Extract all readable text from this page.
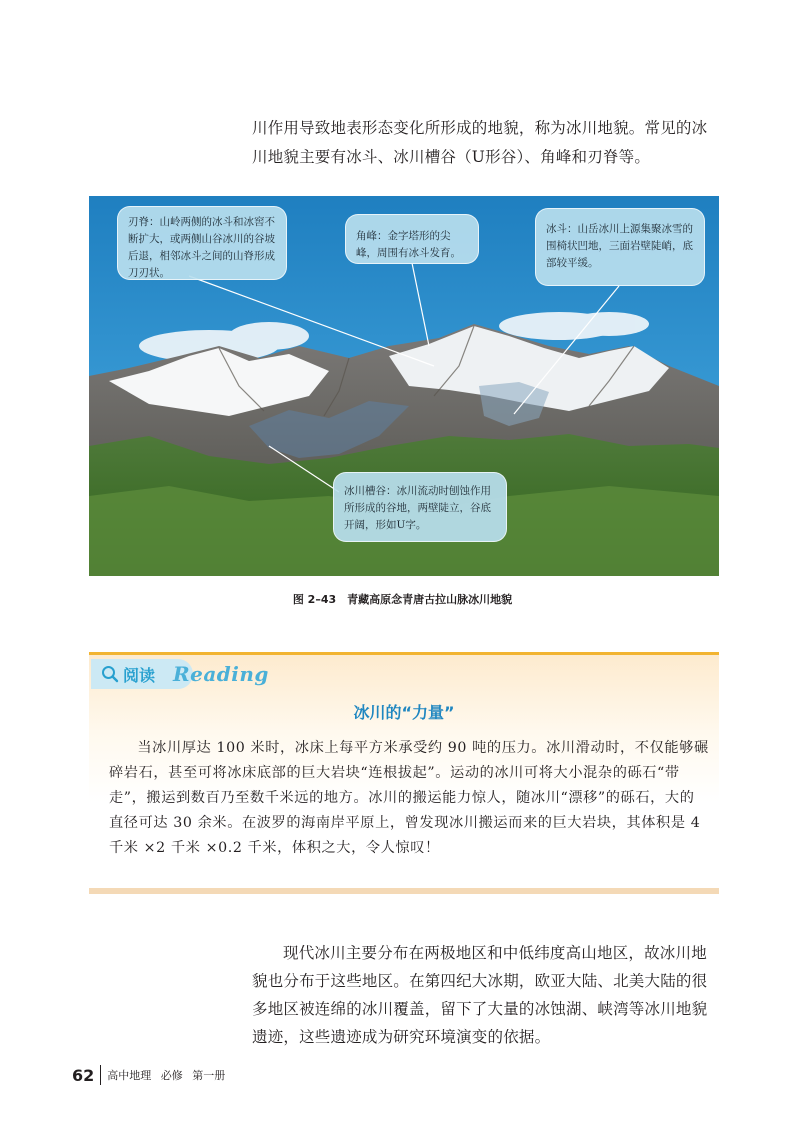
川作用导致地表形态变化所形成的地貌，称为冰川地貌。常见的冰

川地貌主要有冰斗、冰川槽谷（U形谷）、角峰和刃脊等。

刃脊：山岭两侧的冰斗和冰窖不断扩大，或两侧山谷冰川的谷坡后退，相邻冰斗之间的山脊形成刀刃状。

角峰：金字塔形的尖峰，周围有冰斗发育。

冰斗：山岳冰川上源集聚冰雪的围椅状凹地，三面岩壁陡峭，底部较平缓。

冰川槽谷：冰川流动时刨蚀作用所形成的谷地，两壁陡立，谷底开阔，形如U字。

图 2–43　青藏高原念青唐古拉山脉冰川地貌
阅读 Reading
冰川的“力量”

当冰川厚达 100 米时，冰床上每平方米承受约 90 吨的压力。冰川滑动时，不仅能够碾碎岩石，甚至可将冰床底部的巨大岩块“连根拔起”。运动的冰川可将大小混杂的砾石“带走”，搬运到数百乃至数千米远的地方。冰川的搬运能力惊人，随冰川“漂移”的砾石，大的直径可达 30 余米。在波罗的海南岸平原上，曾发现冰川搬运而来的巨大岩块，其体积是 4 千米 ×2 千米 ×0.2 千米，体积之大，令人惊叹！

现代冰川主要分布在两极地区和中低纬度高山地区，故冰川地貌也分布于这些地区。在第四纪大冰期，欧亚大陆、北美大陆的很多地区被连绵的冰川覆盖，留下了大量的冰蚀湖、峡湾等冰川地貌遗迹，这些遗迹成为研究环境演变的依据。

62 高中地理 必修 第一册
